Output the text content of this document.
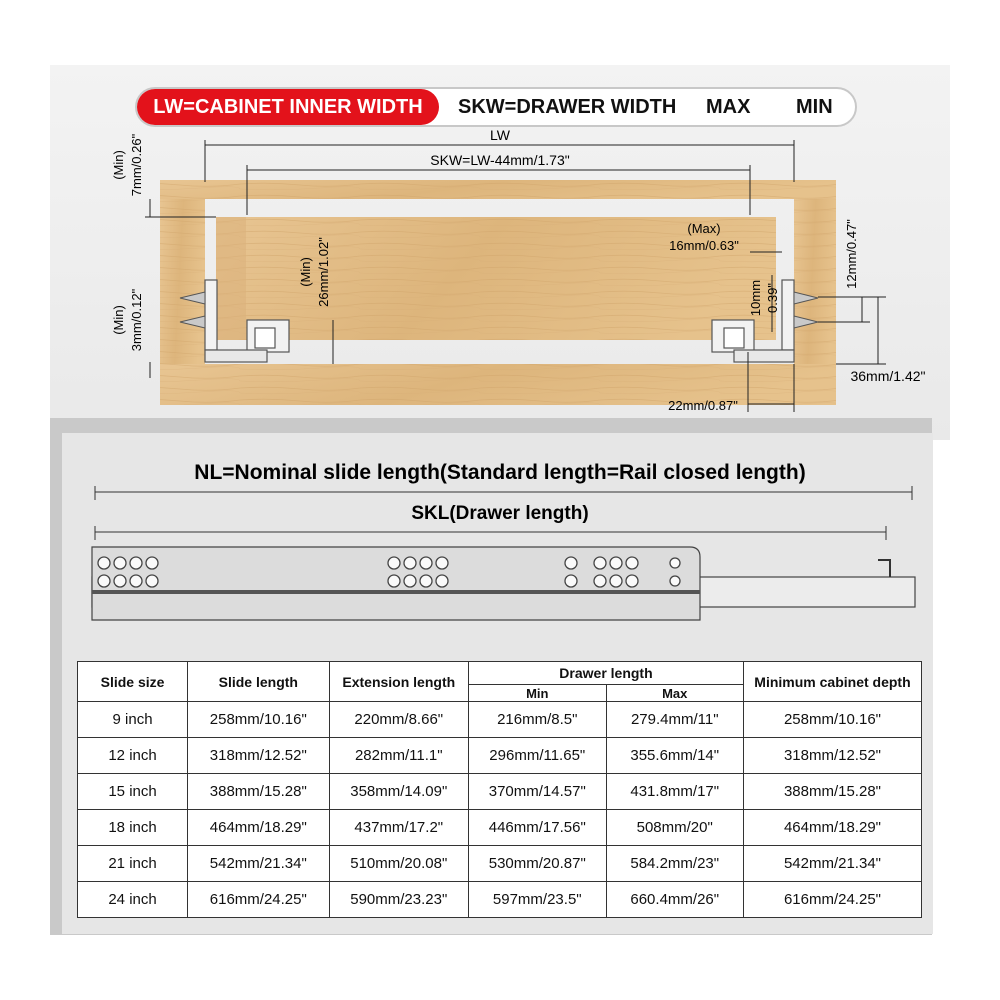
LW=CABINET INNER WIDTH	SKW=DRAWER WIDTH MAX MIN
LW
SKW=LW-44mm/1.73"
(Min) 7mm/0.26"
(Min) 3mm/0.12"
(Min) 26mm/1.02"
(Max)
16mm/0.63"
10mm 0.39"
12mm/0.47"
36mm/1.42"
22mm/0.87"
NL=Nominal slide length(Standard length=Rail closed length)
SKL(Drawer length)
Slide size	Slide length	Extension length	Drawer length		Minimum cabinet depth
			Min	Max	
9 inch	258mm/10.16"	220mm/8.66"	216mm/8.5"	279.4mm/11"	258mm/10.16"
12 inch	318mm/12.52"	282mm/11.1"	296mm/11.65"	355.6mm/14"	318mm/12.52"
15 inch	388mm/15.28"	358mm/14.09"	370mm/14.57"	431.8mm/17"	388mm/15.28"
18 inch	464mm/18.29"	437mm/17.2"	446mm/17.56"	508mm/20"	464mm/18.29"
21 inch	542mm/21.34"	510mm/20.08"	530mm/20.87"	584.2mm/23"	542mm/21.34"
24 inch	616mm/24.25"	590mm/23.23"	597mm/23.5"	660.4mm/26"	616mm/24.25"
